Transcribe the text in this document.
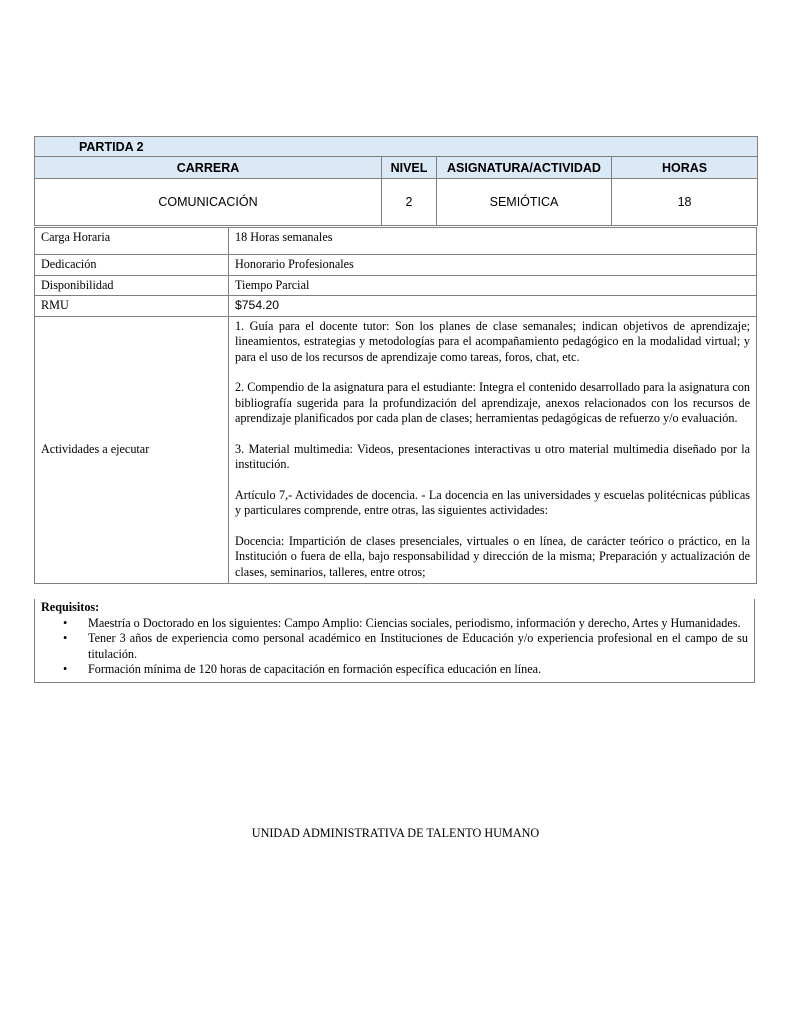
PARTIDA 2			
CARRERA	NIVEL	ASIGNATURA/ACTIVIDAD	HORAS
COMUNICACIÓN	2	SEMIÓTICA	18
Carga Horaria	18 Horas semanales
Dedicación	Honorario Profesionales
Disponibilidad	Tiempo Parcial
RMU	$754.20
Actividades a ejecutar	1. Guía para el docente tutor: Son los planes de clase semanales; indican objetivos de aprendizaje; lineamientos, estrategias y metodologías para el acompañamiento pedagógico en la modalidad virtual; y para el uso de los recursos de aprendizaje como tareas, foros, chat, etc.

2. Compendio de la asignatura para el estudiante: Integra el contenido desarrollado para la asignatura con bibliografía sugerida para la profundización del aprendizaje, anexos relacionados con los recursos de aprendizaje planificados por cada plan de clases; herramientas pedagógicas de refuerzo y/o evaluación.

3. Material multimedia: Videos, presentaciones interactivas u otro material multimedia diseñado por la institución.

Artículo 7,- Actividades de docencia. - La docencia en las universidades y escuelas politécnicas públicas y particulares comprende, entre otras, las siguientes actividades:

Docencia: Impartición de clases presenciales, virtuales o en línea, de carácter teórico o práctico, en la Institución o fuera de ella, bajo responsabilidad y dirección de la misma; Preparación y actualización de clases, seminarios, talleres, entre otros;

Requisitos:
• Maestría o Doctorado en los siguientes: Campo Amplio: Ciencias sociales, periodismo, información y derecho, Artes y Humanidades.
• Tener 3 años de experiencia como personal académico en Instituciones de Educación y/o experiencia profesional en el campo de su titulación.
• Formación mínima de 120 horas de capacitación en formación específica educación en línea.
UNIDAD ADMINISTRATIVA DE TALENTO HUMANO
